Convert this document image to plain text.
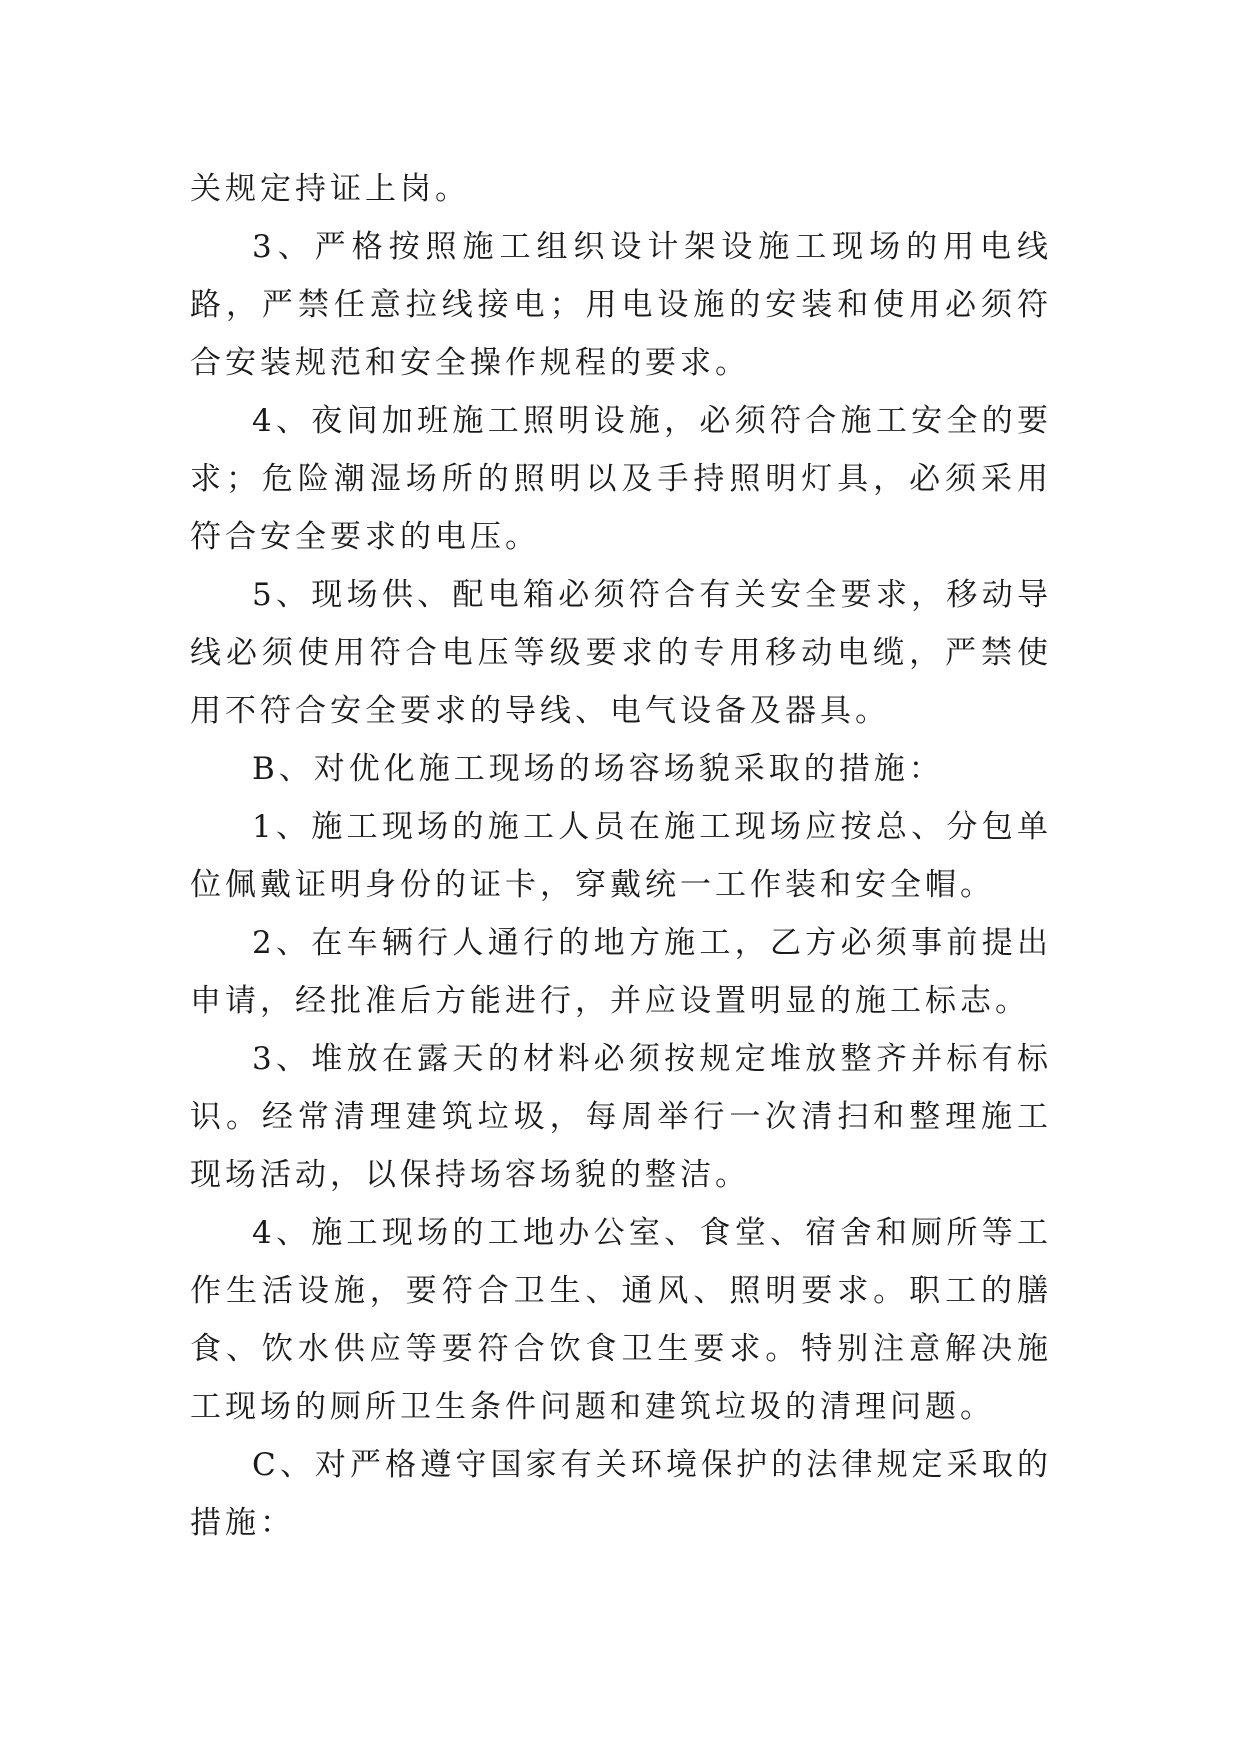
关规定持证上岗。

3、严格按照施工组织设计架设施工现场的用电线路，严禁任意拉线接电；用电设施的安装和使用必须符合安装规范和安全操作规程的要求。

4、夜间加班施工照明设施，必须符合施工安全的要求；危险潮湿场所的照明以及手持照明灯具，必须采用符合安全要求的电压。

5、现场供、配电箱必须符合有关安全要求，移动导线必须使用符合电压等级要求的专用移动电缆，严禁使用不符合安全要求的导线、电气设备及器具。

B、对优化施工现场的场容场貌采取的措施：

1、施工现场的施工人员在施工现场应按总、分包单位佩戴证明身份的证卡，穿戴统一工作装和安全帽。

2、在车辆行人通行的地方施工，乙方必须事前提出申请，经批准后方能进行，并应设置明显的施工标志。

3、堆放在露天的材料必须按规定堆放整齐并标有标识。经常清理建筑垃圾，每周举行一次清扫和整理施工现场活动，以保持场容场貌的整洁。

4、施工现场的工地办公室、食堂、宿舍和厕所等工作生活设施，要符合卫生、通风、照明要求。职工的膳食、饮水供应等要符合饮食卫生要求。特别注意解决施工现场的厕所卫生条件问题和建筑垃圾的清理问题。

C、对严格遵守国家有关环境保护的法律规定采取的措施：
